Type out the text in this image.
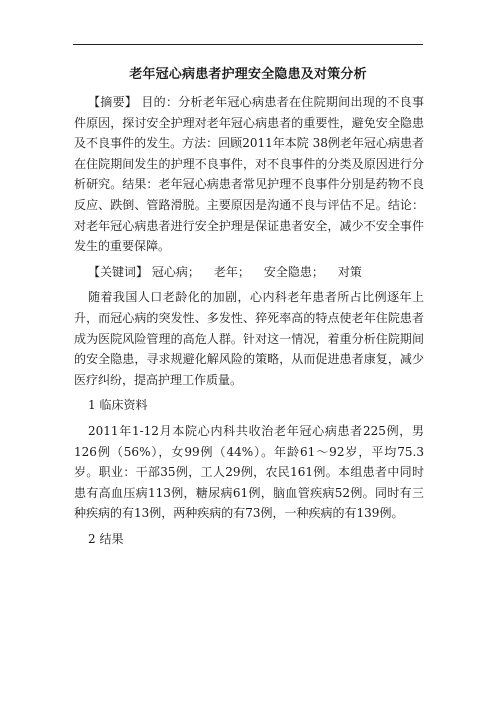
老年冠心病患者护理安全隐患及对策分析

【摘要】 目的：分析老年冠心病患者在住院期间出现的不良事件原因，探讨安全护理对老年冠心病患者的重要性，避免安全隐患及不良事件的发生。方法：回顾2011年本院 38例老年冠心病患者在住院期间发生的护理不良事件，对不良事件的分类及原因进行分析研究。结果：老年冠心病患者常见护理不良事件分别是药物不良反应、跌倒、管路滑脱。主要原因是沟通不良与评估不足。结论：对老年冠心病患者进行安全护理是保证患者安全，减少不安全事件发生的重要保障。

【关键词】 冠心病； 老年； 安全隐患； 对策

随着我国人口老龄化的加剧，心内科老年患者所占比例逐年上升，而冠心病的突发性、多发性、猝死率高的特点使老年住院患者成为医院风险管理的高危人群。针对这一情况，着重分析住院期间的安全隐患，寻求规避化解风险的策略，从而促进患者康复，减少医疗纠纷，提高护理工作质量。

1 临床资料

2011年1-12月本院心内科共收治老年冠心病患者225例，男126例（56%），女99例（44%）。年龄61～92岁，平均75.3岁。职业：干部35例，工人29例，农民161例。本组患者中同时患有高血压病113例，糖尿病61例，脑血管疾病52例。同时有三种疾病的有13例，两种疾病的有73例，一种疾病的有139例。

2 结果
